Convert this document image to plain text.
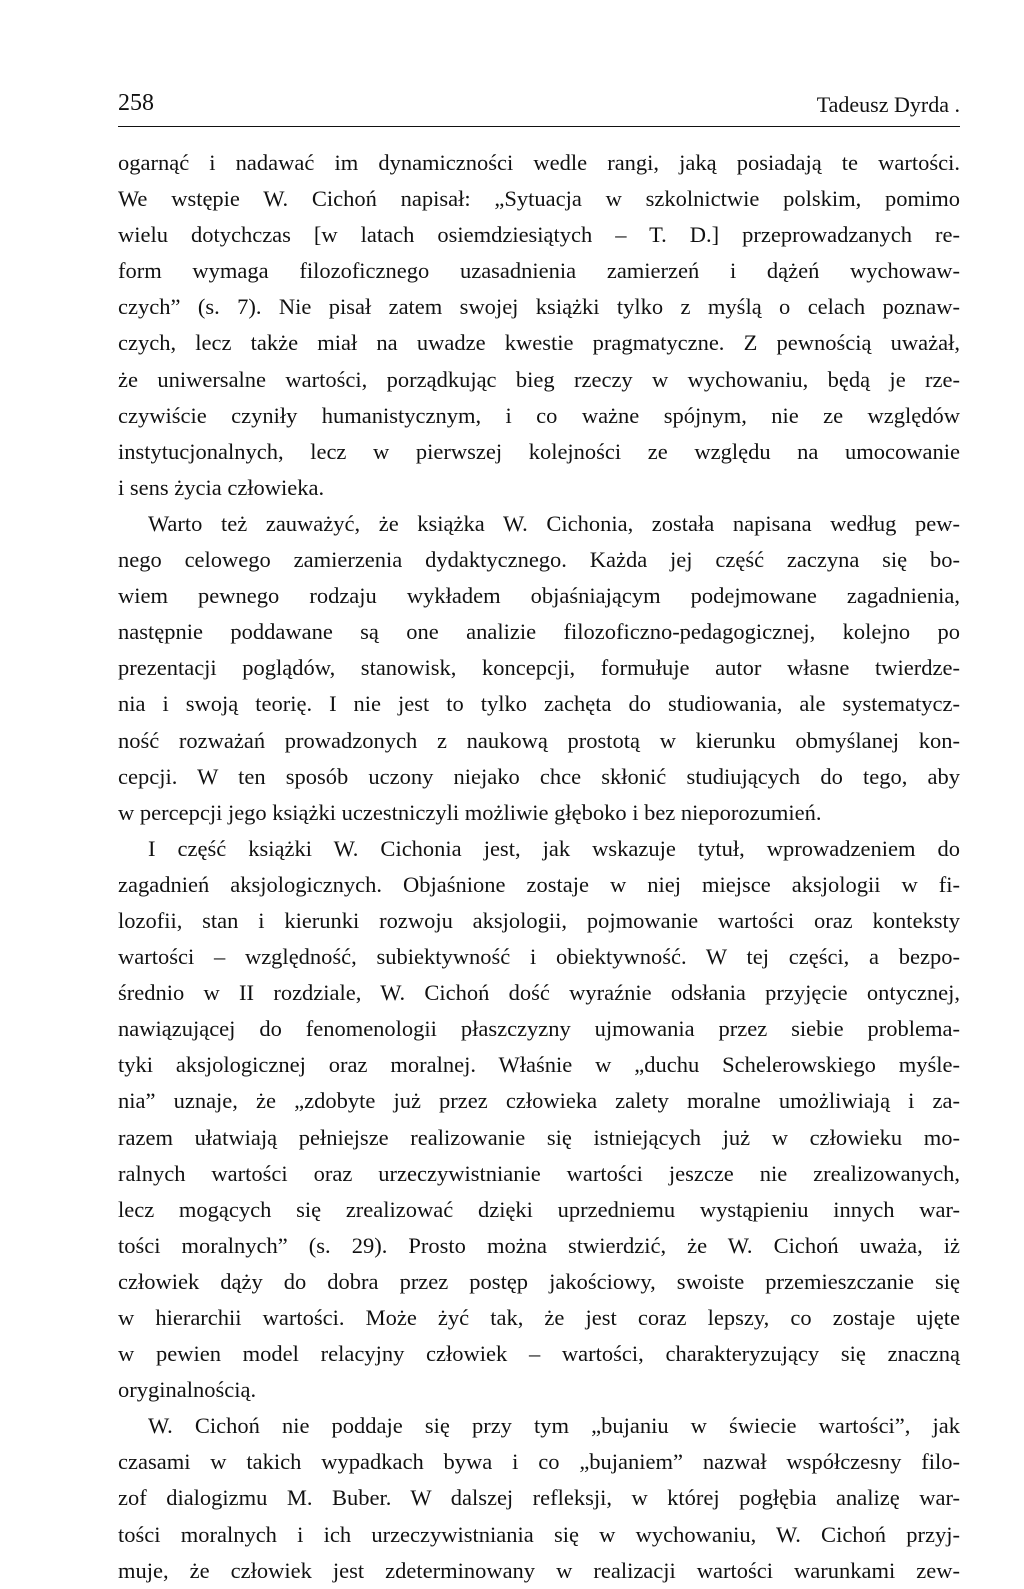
258	Tadeusz Dyrda .
ogarnąć i nadawać im dynamiczności wedle rangi, jaką posiadają te wartości.
We wstępie W. Cichoń napisał: „Sytuacja w szkolnictwie polskim, pomimo
wielu dotychczas [w latach osiemdziesiątych – T. D.] przeprowadzanych re-
form wymaga filozoficznego uzasadnienia zamierzeń i dążeń wychowaw-
czych” (s. 7). Nie pisał zatem swojej książki tylko z myślą o celach poznaw-
czych, lecz także miał na uwadze kwestie pragmatyczne. Z pewnością uważał,
że uniwersalne wartości, porządkując bieg rzeczy w wychowaniu, będą je rze-
czywiście czyniły humanistycznym, i co ważne spójnym, nie ze względów
instytucjonalnych, lecz w pierwszej kolejności ze względu na umocowanie
i sens życia człowieka.
Warto też zauważyć, że książka W. Cichonia, została napisana według pew-
nego celowego zamierzenia dydaktycznego. Każda jej część zaczyna się bo-
wiem pewnego rodzaju wykładem objaśniającym podejmowane zagadnienia,
następnie poddawane są one analizie filozoficzno-pedagogicznej, kolejno po
prezentacji poglądów, stanowisk, koncepcji, formułuje autor własne twierdze-
nia i swoją teorię. I nie jest to tylko zachęta do studiowania, ale systematycz-
ność rozważań prowadzonych z naukową prostotą w kierunku obmyślanej kon-
cepcji. W ten sposób uczony niejako chce skłonić studiujących do tego, aby
w percepcji jego książki uczestniczyli możliwie głęboko i bez nieporozumień.
I część książki W. Cichonia jest, jak wskazuje tytuł, wprowadzeniem do
zagadnień aksjologicznych. Objaśnione zostaje w niej miejsce aksjologii w fi-
lozofii, stan i kierunki rozwoju aksjologii, pojmowanie wartości oraz konteksty
wartości – względność, subiektywność i obiektywność. W tej części, a bezpo-
średnio w II rozdziale, W. Cichoń dość wyraźnie odsłania przyjęcie ontycznej,
nawiązującej do fenomenologii płaszczyzny ujmowania przez siebie problema-
tyki aksjologicznej oraz moralnej. Właśnie w „duchu Schelerowskiego myśle-
nia” uznaje, że „zdobyte już przez człowieka zalety moralne umożliwiają i za-
razem ułatwiają pełniejsze realizowanie się istniejących już w człowieku mo-
ralnych wartości oraz urzeczywistnianie wartości jeszcze nie zrealizowanych,
lecz mogących się zrealizować dzięki uprzedniemu wystąpieniu innych war-
tości moralnych” (s. 29). Prosto można stwierdzić, że W. Cichoń uważa, iż
człowiek dąży do dobra przez postęp jakościowy, swoiste przemieszczanie się
w hierarchii wartości. Może żyć tak, że jest coraz lepszy, co zostaje ujęte
w pewien model relacyjny człowiek – wartości, charakteryzujący się znaczną
oryginalnością.
W. Cichoń nie poddaje się przy tym „bujaniu w świecie wartości”, jak
czasami w takich wypadkach bywa i co „bujaniem” nazwał współczesny filo-
zof dialogizmu M. Buber. W dalszej refleksji, w której pogłębia analizę war-
tości moralnych i ich urzeczywistniania się w wychowaniu, W. Cichoń przyj-
muje, że człowiek jest zdeterminowany w realizacji wartości warunkami zew-
